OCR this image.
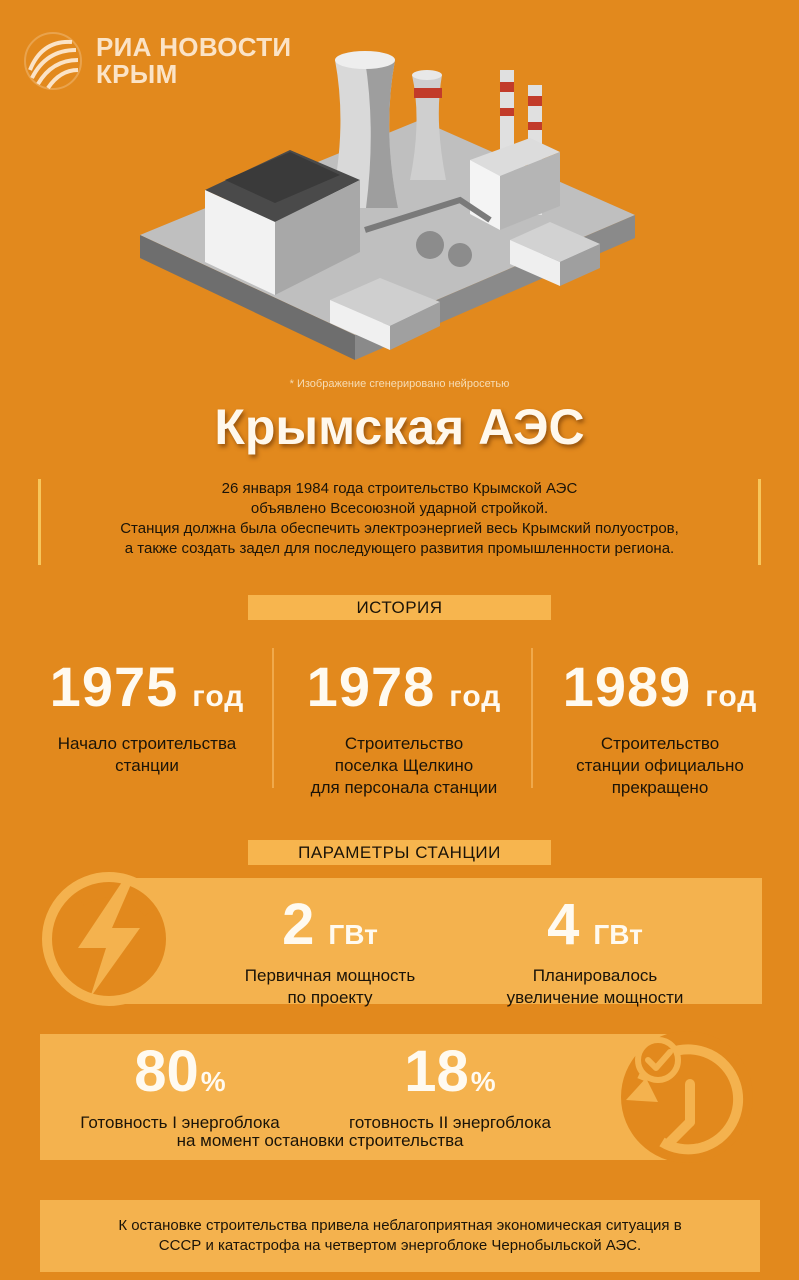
РИА НОВОСТИ
КРЫМ
* Изображение сгенерировано нейросетью
Крымская АЭС
26 января 1984 года строительство Крымской АЭС
объявлено Всесоюзной ударной стройкой.
Станция должна была обеспечить электроэнергией весь Крымский полуостров,
а также создать задел для последующего развития промышленности региона.
ИСТОРИЯ
1975 год
Начало строительства
станции
1978 год
Строительство
поселка Щелкино
для персонала станции
1989 год
Строительство
станции официально
прекращено
ПАРАМЕТРЫ СТАНЦИИ
2 ГВт
Первичная мощность
по проекту
4 ГВт
Планировалось
увеличение мощности
80%
Готовность I энергоблока
18%
готовность II энергоблока
на момент остановки строительства
К остановке строительства привела неблагоприятная экономическая ситуация в
СССР и катастрофа на четвертом энергоблоке Чернобыльской АЭС.
